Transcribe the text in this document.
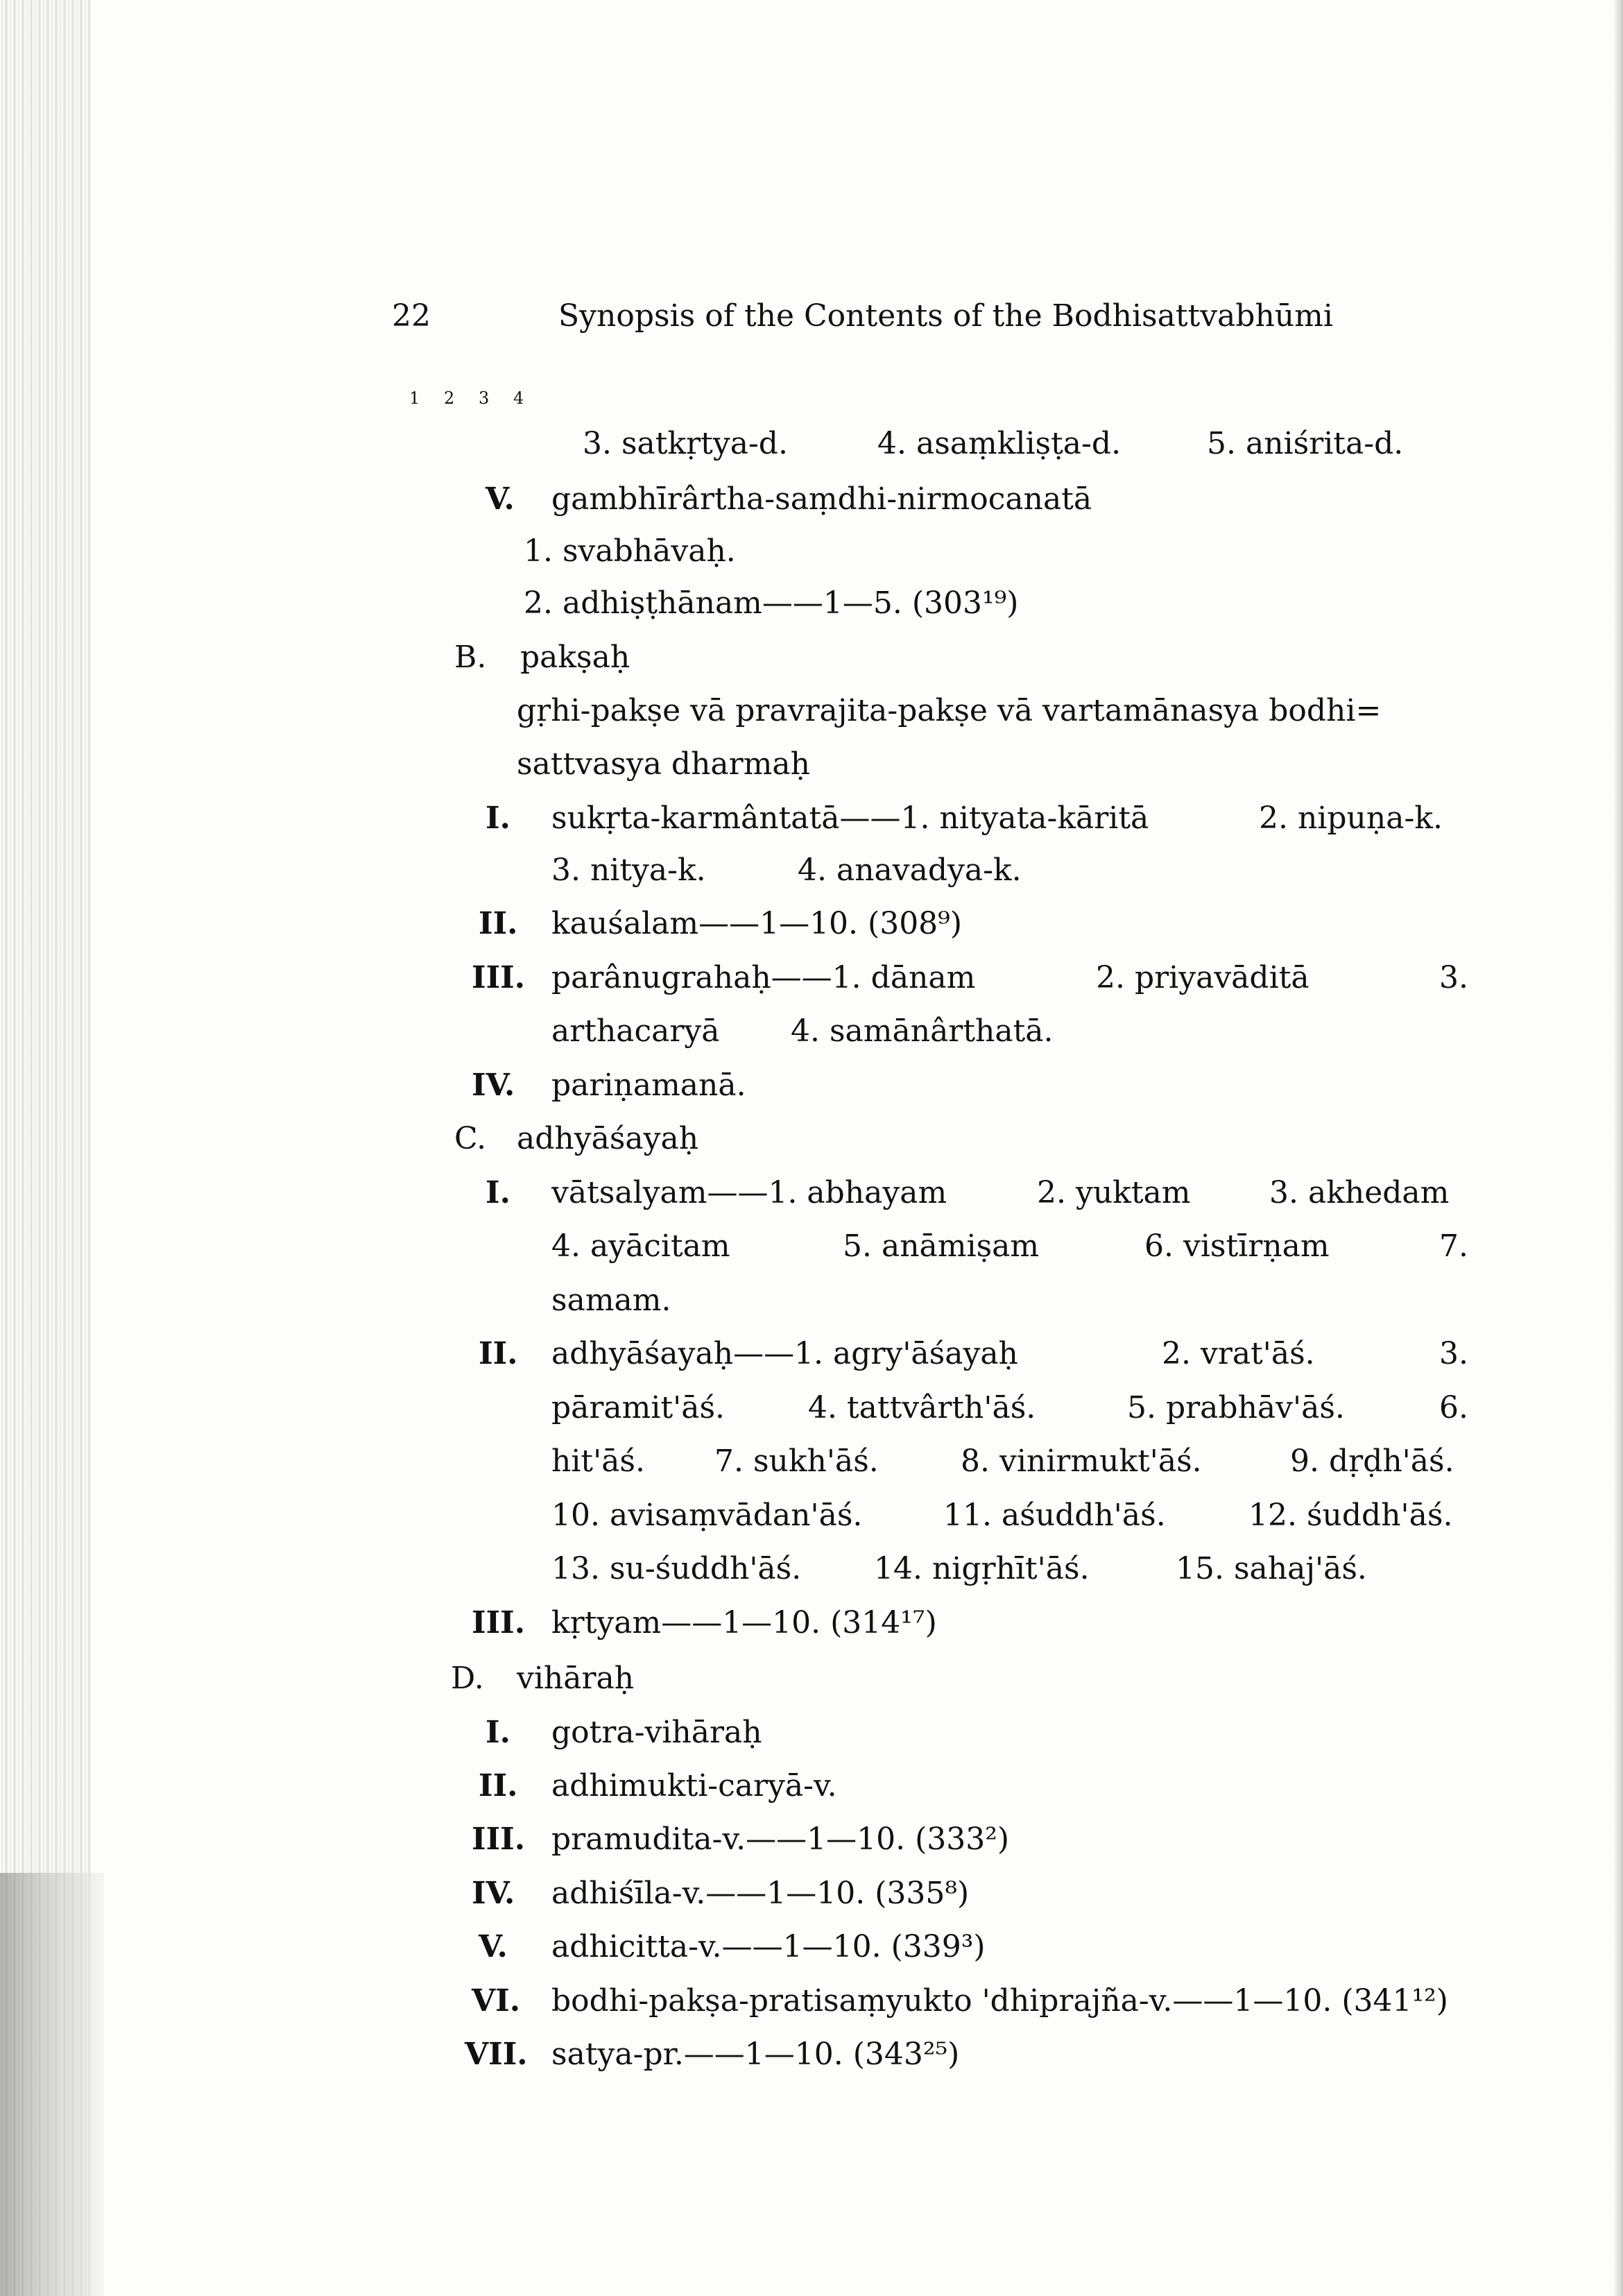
22	Synopsis of the Contents of the Bodhisattvabhūmi
1 2 3 4
3. satkṛtya-d.	4. asaṃkliṣṭa-d.	5. aniśrita-d.
V. gambhīrârtha-saṃdhi-nirmocanatā
1. svabhāvaḥ.
2. adhiṣṭhānam——1—5. (303¹⁹)
B. pakṣaḥ
gṛhi-pakṣe vā pravrajita-pakṣe vā vartamānasya bodhi=
sattvasya dharmaḥ
I. sukṛta-karmântatā——1. nityata-kāritā	2. nipuṇa-k.
3. nitya-k.	4. anavadya-k.
II. kauśalam——1—10. (308⁹)
III. parânugrahaḥ——1. dānam	2. priyavāditā	3.
arthacaryā 4. samānârthatā.
IV. pariṇamanā.
C. adhyāśayaḥ
I. vātsalyam——1. abhayam	2. yuktam	3. akhedam
4. ayācitam	5. anāmiṣam	6. vistīrṇam	7.
samam.
II. adhyāśayaḥ——1. agry'āśayaḥ	2. vrat'āś.	3.
pāramit'āś.	4. tattvârth'āś.	5. prabhāv'āś.	6.
hit'āś. 7. sukh'āś.	8. vinirmukt'āś.	9. dṛḍh'āś.
10. avisaṃvādan'āś.	11. aśuddh'āś.	12. śuddh'āś.
13. su-śuddh'āś. 14. nigṛhīt'āś.	15. sahaj'āś.
III. kṛtyam——1—10. (314¹⁷)
D. vihāraḥ
I. gotra-vihāraḥ
II. adhimukti-caryā-v.
III. pramudita-v.——1—10. (333²)
IV. adhiśīla-v.——1—10. (335⁸)
V. adhicitta-v.——1—10. (339³)
VI. bodhi-pakṣa-pratisaṃyukto 'dhiprajña-v.——1—10. (341¹²)
VII. satya-pr.——1—10. (343²⁵)
